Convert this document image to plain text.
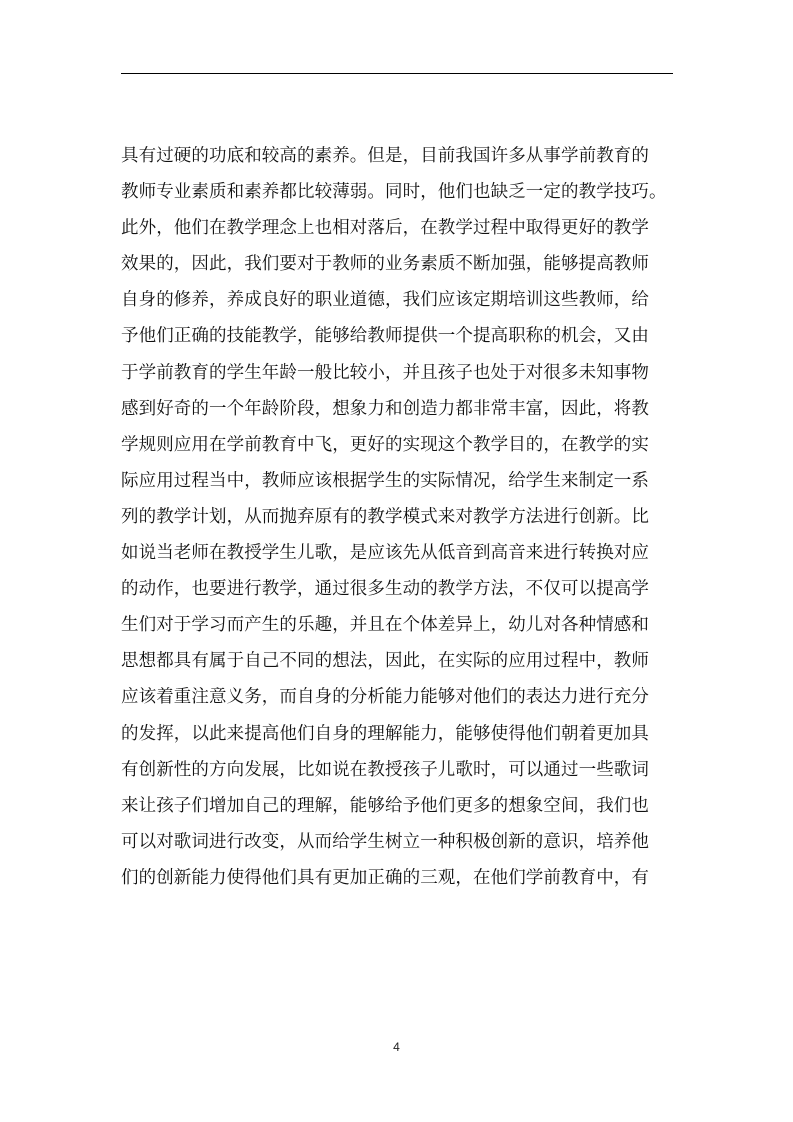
具有过硬的功底和较高的素养。但是，目前我国许多从事学前教育的
教师专业素质和素养都比较薄弱。同时，他们也缺乏一定的教学技巧。
此外，他们在教学理念上也相对落后，在教学过程中取得更好的教学
效果的，因此，我们要对于教师的业务素质不断加强，能够提高教师
自身的修养，养成良好的职业道德，我们应该定期培训这些教师，给
予他们正确的技能教学，能够给教师提供一个提高职称的机会，又由
于学前教育的学生年龄一般比较小，并且孩子也处于对很多未知事物
感到好奇的一个年龄阶段，想象力和创造力都非常丰富，因此，将教
学规则应用在学前教育中飞，更好的实现这个教学目的，在教学的实
际应用过程当中，教师应该根据学生的实际情况，给学生来制定一系
列的教学计划，从而抛弃原有的教学模式来对教学方法进行创新。比
如说当老师在教授学生儿歌，是应该先从低音到高音来进行转换对应
的动作，也要进行教学，通过很多生动的教学方法，不仅可以提高学
生们对于学习而产生的乐趣，并且在个体差异上，幼儿对各种情感和
思想都具有属于自己不同的想法，因此，在实际的应用过程中，教师
应该着重注意义务，而自身的分析能力能够对他们的表达力进行充分
的发挥，以此来提高他们自身的理解能力，能够使得他们朝着更加具
有创新性的方向发展，比如说在教授孩子儿歌时，可以通过一些歌词
来让孩子们增加自己的理解，能够给予他们更多的想象空间，我们也
可以对歌词进行改变，从而给学生树立一种积极创新的意识，培养他
们的创新能力使得他们具有更加正确的三观，在他们学前教育中，有
4
